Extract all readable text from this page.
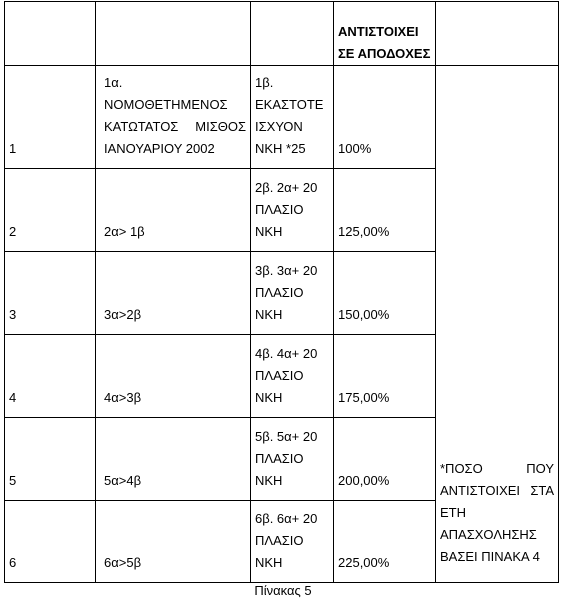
			ΑΝΤΙΣΤΟΙΧΕΙ
ΣΕ ΑΠΟΔΟΧΕΣ	

1	1α.
ΝΟΜΟΘΕΤΗΜΕΝΟΣ
ΚΑΤΩΤΑΤΟΣ ΜΙΣΘΟΣ
ΙΑΝΟΥΑΡΙΟΥ 2002	1β.
ΕΚΑΣΤΟΤΕ
ΙΣΧΥΟΝ
ΝΚΗ *25	100%	*ΠΟΣΟ ΠΟΥ
ΑΝΤΙΣΤΟΙΧΕΙ ΣΤΑ
ΕΤΗ
ΑΠΑΣΧΟΛΗΣΗΣ
ΒΑΣΕΙ ΠΙΝΑΚΑ 4

2	2α> 1β	2β. 2α+ 20
ΠΛΑΣΙΟ
ΝΚΗ	125,00%	

3	3α>2β	3β. 3α+ 20
ΠΛΑΣΙΟ
ΝΚΗ	150,00%	

4	4α>3β	4β. 4α+ 20
ΠΛΑΣΙΟ
ΝΚΗ	175,00%	

5	5α>4β	5β. 5α+ 20
ΠΛΑΣΙΟ
ΝΚΗ	200,00%	

6	6α>5β	6β. 6α+ 20
ΠΛΑΣΙΟ
ΝΚΗ	225,00%	
Πίνακας 5
